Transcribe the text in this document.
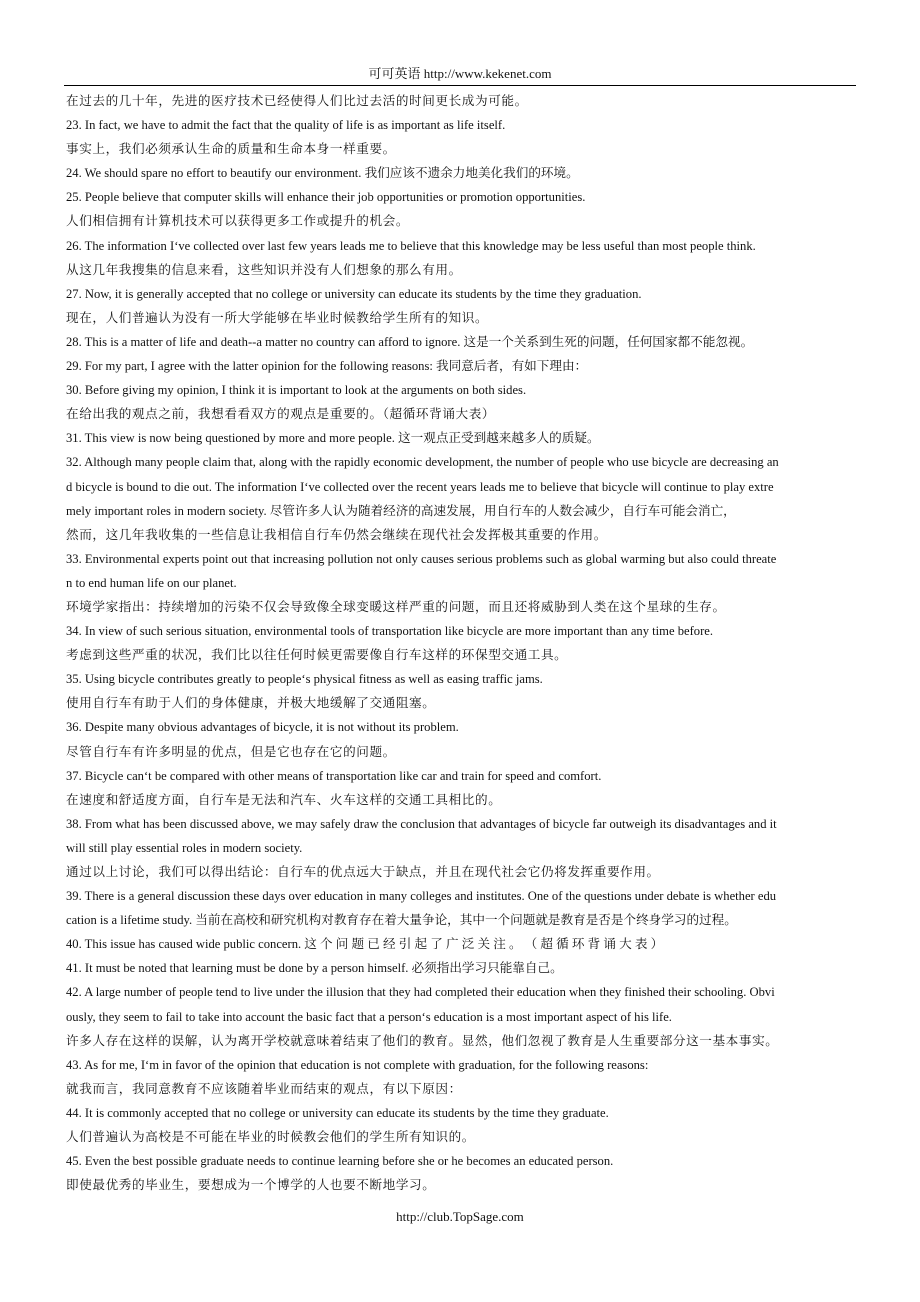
可可英语 http://www.kekenet.com
在过去的几十年，先进的医疗技术已经使得人们比过去活的时间更长成为可能。
23. In fact, we have to admit the fact that the quality of life is as important as life itself.
事实上，我们必须承认生命的质量和生命本身一样重要。
24. We should spare no effort to beautify our environment. 我们应该不遗余力地美化我们的环境。
25. People believe that computer skills will enhance their job opportunities or promotion opportunities.
人们相信拥有计算机技术可以获得更多工作或提升的机会。
26. The information I‘ve collected over last few years leads me to believe that this knowledge may be less useful than most people think.
从这几年我搜集的信息来看，这些知识并没有人们想象的那么有用。
27. Now, it is generally accepted that no college or university can educate its students by the time they graduation.
现在，人们普遍认为没有一所大学能够在毕业时候教给学生所有的知识。
28. This is a matter of life and death--a matter no country can afford to ignore. 这是一个关系到生死的问题，任何国家都不能忽视。
29. For my part, I agree with the latter opinion for the following reasons: 我同意后者，有如下理由：
30. Before giving my opinion, I think it is important to look at the arguments on both sides.
在给出我的观点之前，我想看看双方的观点是重要的。（超循环背诵大表）
31. This view is now being questioned by more and more people. 这一观点正受到越来越多人的质疑。
32. Although many people claim that, along with the rapidly economic development, the number of people who use bicycle are decreasing an
d bicycle is bound to die out. The information I‘ve collected over the recent years leads me to believe that bicycle will continue to play extre
mely important roles in modern society. 尽管许多人认为随着经济的高速发展，用自行车的人数会减少，自行车可能会消亡，
然而，这几年我收集的一些信息让我相信自行车仍然会继续在现代社会发挥极其重要的作用。
33. Environmental experts point out that increasing pollution not only causes serious problems such as global warming but also could threate
n to end human life on our planet.
环境学家指出：持续增加的污染不仅会导致像全球变暖这样严重的问题，而且还将威胁到人类在这个星球的生存。
34. In view of such serious situation, environmental tools of transportation like bicycle are more important than any time before.
考虑到这些严重的状况，我们比以往任何时候更需要像自行车这样的环保型交通工具。
35. Using bicycle contributes greatly to people‘s physical fitness as well as easing traffic jams.
使用自行车有助于人们的身体健康，并极大地缓解了交通阻塞。
36. Despite many obvious advantages of bicycle, it is not without its problem.
尽管自行车有许多明显的优点，但是它也存在它的问题。
37. Bicycle can‘t be compared with other means of transportation like car and train for speed and comfort.
在速度和舒适度方面，自行车是无法和汽车、火车这样的交通工具相比的。
38. From what has been discussed above, we may safely draw the conclusion that advantages of bicycle far outweigh its disadvantages and it
will still play essential roles in modern society.
通过以上讨论，我们可以得出结论：自行车的优点远大于缺点，并且在现代社会它仍将发挥重要作用。
39. There is a general discussion these days over education in many colleges and institutes. One of the questions under debate is whether edu
cation is a lifetime study. 当前在高校和研究机构对教育存在着大量争论，其中一个问题就是教育是否是个终身学习的过程。
40. This issue has caused wide public concern. 这 个 问 题 已 经 引 起 了 广 泛 关 注 。 （ 超 循 环 背 诵 大 表 ）
41. It must be noted that learning must be done by a person himself. 必须指出学习只能靠自己。
42. A large number of people tend to live under the illusion that they had completed their education when they finished their schooling. Obvi
ously, they seem to fail to take into account the basic fact that a person‘s education is a most important aspect of his life.
许多人存在这样的误解，认为离开学校就意味着结束了他们的教育。显然，他们忽视了教育是人生重要部分这一基本事实。
43. As for me, I‘m in favor of the opinion that education is not complete with graduation, for the following reasons:
就我而言，我同意教育不应该随着毕业而结束的观点，有以下原因：
44. It is commonly accepted that no college or university can educate its students by the time they graduate.
人们普遍认为高校是不可能在毕业的时候教会他们的学生所有知识的。
45. Even the best possible graduate needs to continue learning before she or he becomes an educated person.
即使最优秀的毕业生，要想成为一个博学的人也要不断地学习。
http://club.TopSage.com
